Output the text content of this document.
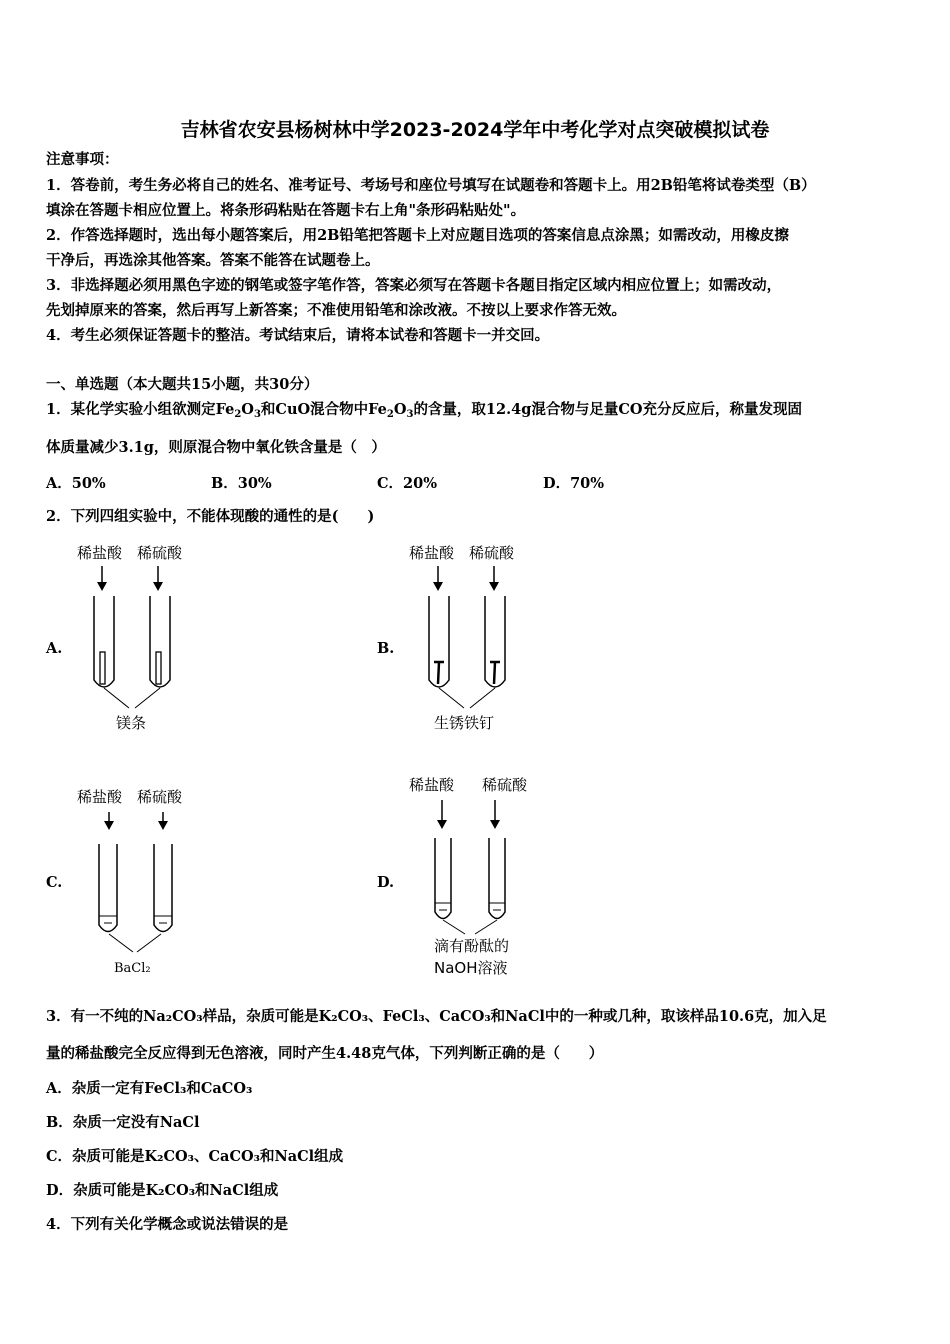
吉林省农安县杨树林中学2023-2024学年中考化学对点突破模拟试卷
注意事项：
1．答卷前，考生务必将自己的姓名、准考证号、考场号和座位号填写在试题卷和答题卡上。用2B铅笔将试卷类型（B）
填涂在答题卡相应位置上。将条形码粘贴在答题卡右上角"条形码粘贴处"。
2．作答选择题时，选出每小题答案后，用2B铅笔把答题卡上对应题目选项的答案信息点涂黑；如需改动，用橡皮擦
干净后，再选涂其他答案。答案不能答在试题卷上。
3．非选择题必须用黑色字迹的钢笔或签字笔作答，答案必须写在答题卡各题目指定区域内相应位置上；如需改动，
先划掉原来的答案，然后再写上新答案；不准使用铅笔和涂改液。不按以上要求作答无效。
4．考生必须保证答题卡的整洁。考试结束后，请将本试卷和答题卡一并交回。
一、单选题（本大题共15小题，共30分）
1．某化学实验小组欲测定$Fe_2O_3$和CuO混合物中$Fe_2O_3$的含量，取12.4g混合物与足量CO充分反应后，称量发现固
体质量减少3.1g，则原混合物中氧化铁含量是（　）
A．50%	B．30%	C．20%	D．70%
2．下列四组实验中，不能体现酸的通性的是(　　)
A.
稀盐酸 稀硫酸
镁条
B.
稀盐酸 稀硫酸
生锈铁钉
C.
稀盐酸 稀硫酸
BaCl₂
D.
稀盐酸 稀硫酸
滴有酚酞的
NaOH溶液
3．有一不纯的Na₂CO₃样品，杂质可能是K₂CO₃、FeCl₃、CaCO₃和NaCl中的一种或几种，取该样品10.6克，加入足
量的稀盐酸完全反应得到无色溶液，同时产生4.48克气体，下列判断正确的是（　　）
A．杂质一定有FeCl₃和CaCO₃
B．杂质一定没有NaCl
C．杂质可能是K₂CO₃、CaCO₃和NaCl组成
D．杂质可能是K₂CO₃和NaCl组成
4．下列有关化学概念或说法错误的是
